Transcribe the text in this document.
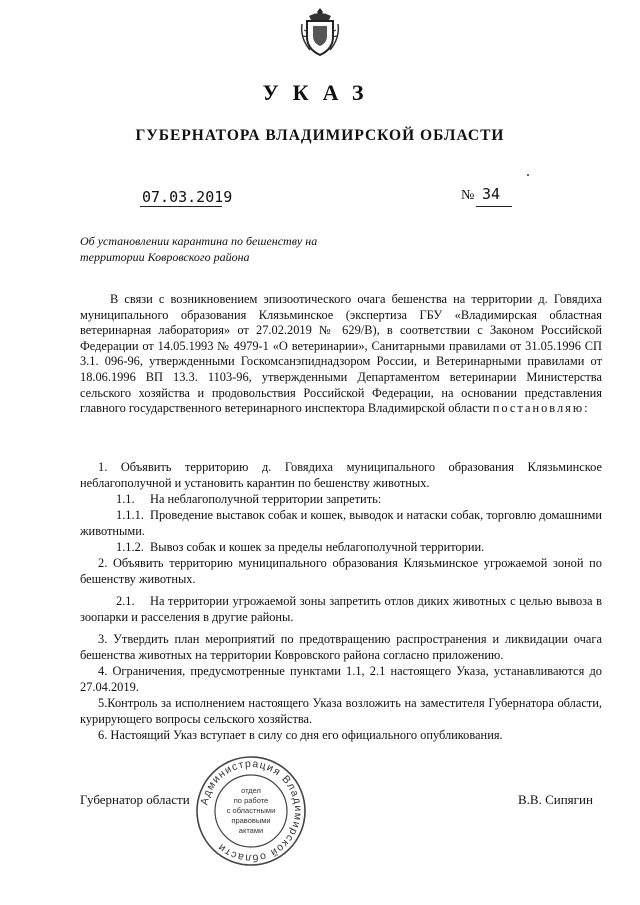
УКАЗ
ГУБЕРНАТОРА ВЛАДИМИРСКОЙ ОБЛАСТИ
07.03.2019	№ 34
Об установлении карантина по бешенству на
территории Ковровского района

В связи с возникновением эпизоотического очага бешенства на территории д. Говядиха муниципального образования Клязьминское (экспертиза ГБУ «Владимирская областная ветеринарная лаборатория» от 27.02.2019 № 629/В), в соответствии с Законом Российской Федерации от 14.05.1993 № 4979-1 «О ветеринарии», Санитарными правилами от 31.05.1996 СП 3.1. 096-96, утвержденными Госкомсанэпиднадзором России, и Ветеринарными правилами от 18.06.1996 ВП 13.3. 1103-96, утвержденными Департаментом ветеринарии Министерства сельского хозяйства и продовольствия Российской Федерации, на основании представления главного государственного ветеринарного инспектора Владимирской области постановляю:

1. Объявить территорию д. Говядиха муниципального образования Клязьминское неблагополучной и установить карантин по бешенству животных.

1.1. На неблагополучной территории запретить:

1.1.1. Проведение выставок собак и кошек, выводок и натаски собак, торговлю домашними животными.

1.1.2. Вывоз собак и кошек за пределы неблагополучной территории.

2. Объявить территорию муниципального образования Клязьминское угрожаемой зоной по бешенству животных.

2.1. На территории угрожаемой зоны запретить отлов диких животных с целью вывоза в зоопарки и расселения в другие районы.

3. Утвердить план мероприятий по предотвращению распространения и ликвидации очага бешенства животных на территории Ковровского района согласно приложению.

4. Ограничения, предусмотренные пунктами 1.1, 2.1 настоящего Указа, устанавливаются до 27.04.2019.

5.Контроль за исполнением настоящего Указа возложить на заместителя Губернатора области, курирующего вопросы сельского хозяйства.

6. Настоящий Указ вступает в силу со дня его официального опубликования.

Губернатор области	В.В. Сипягин
Администрация Владимирской области
отдел
по работе
с областными
правовыми
актами
